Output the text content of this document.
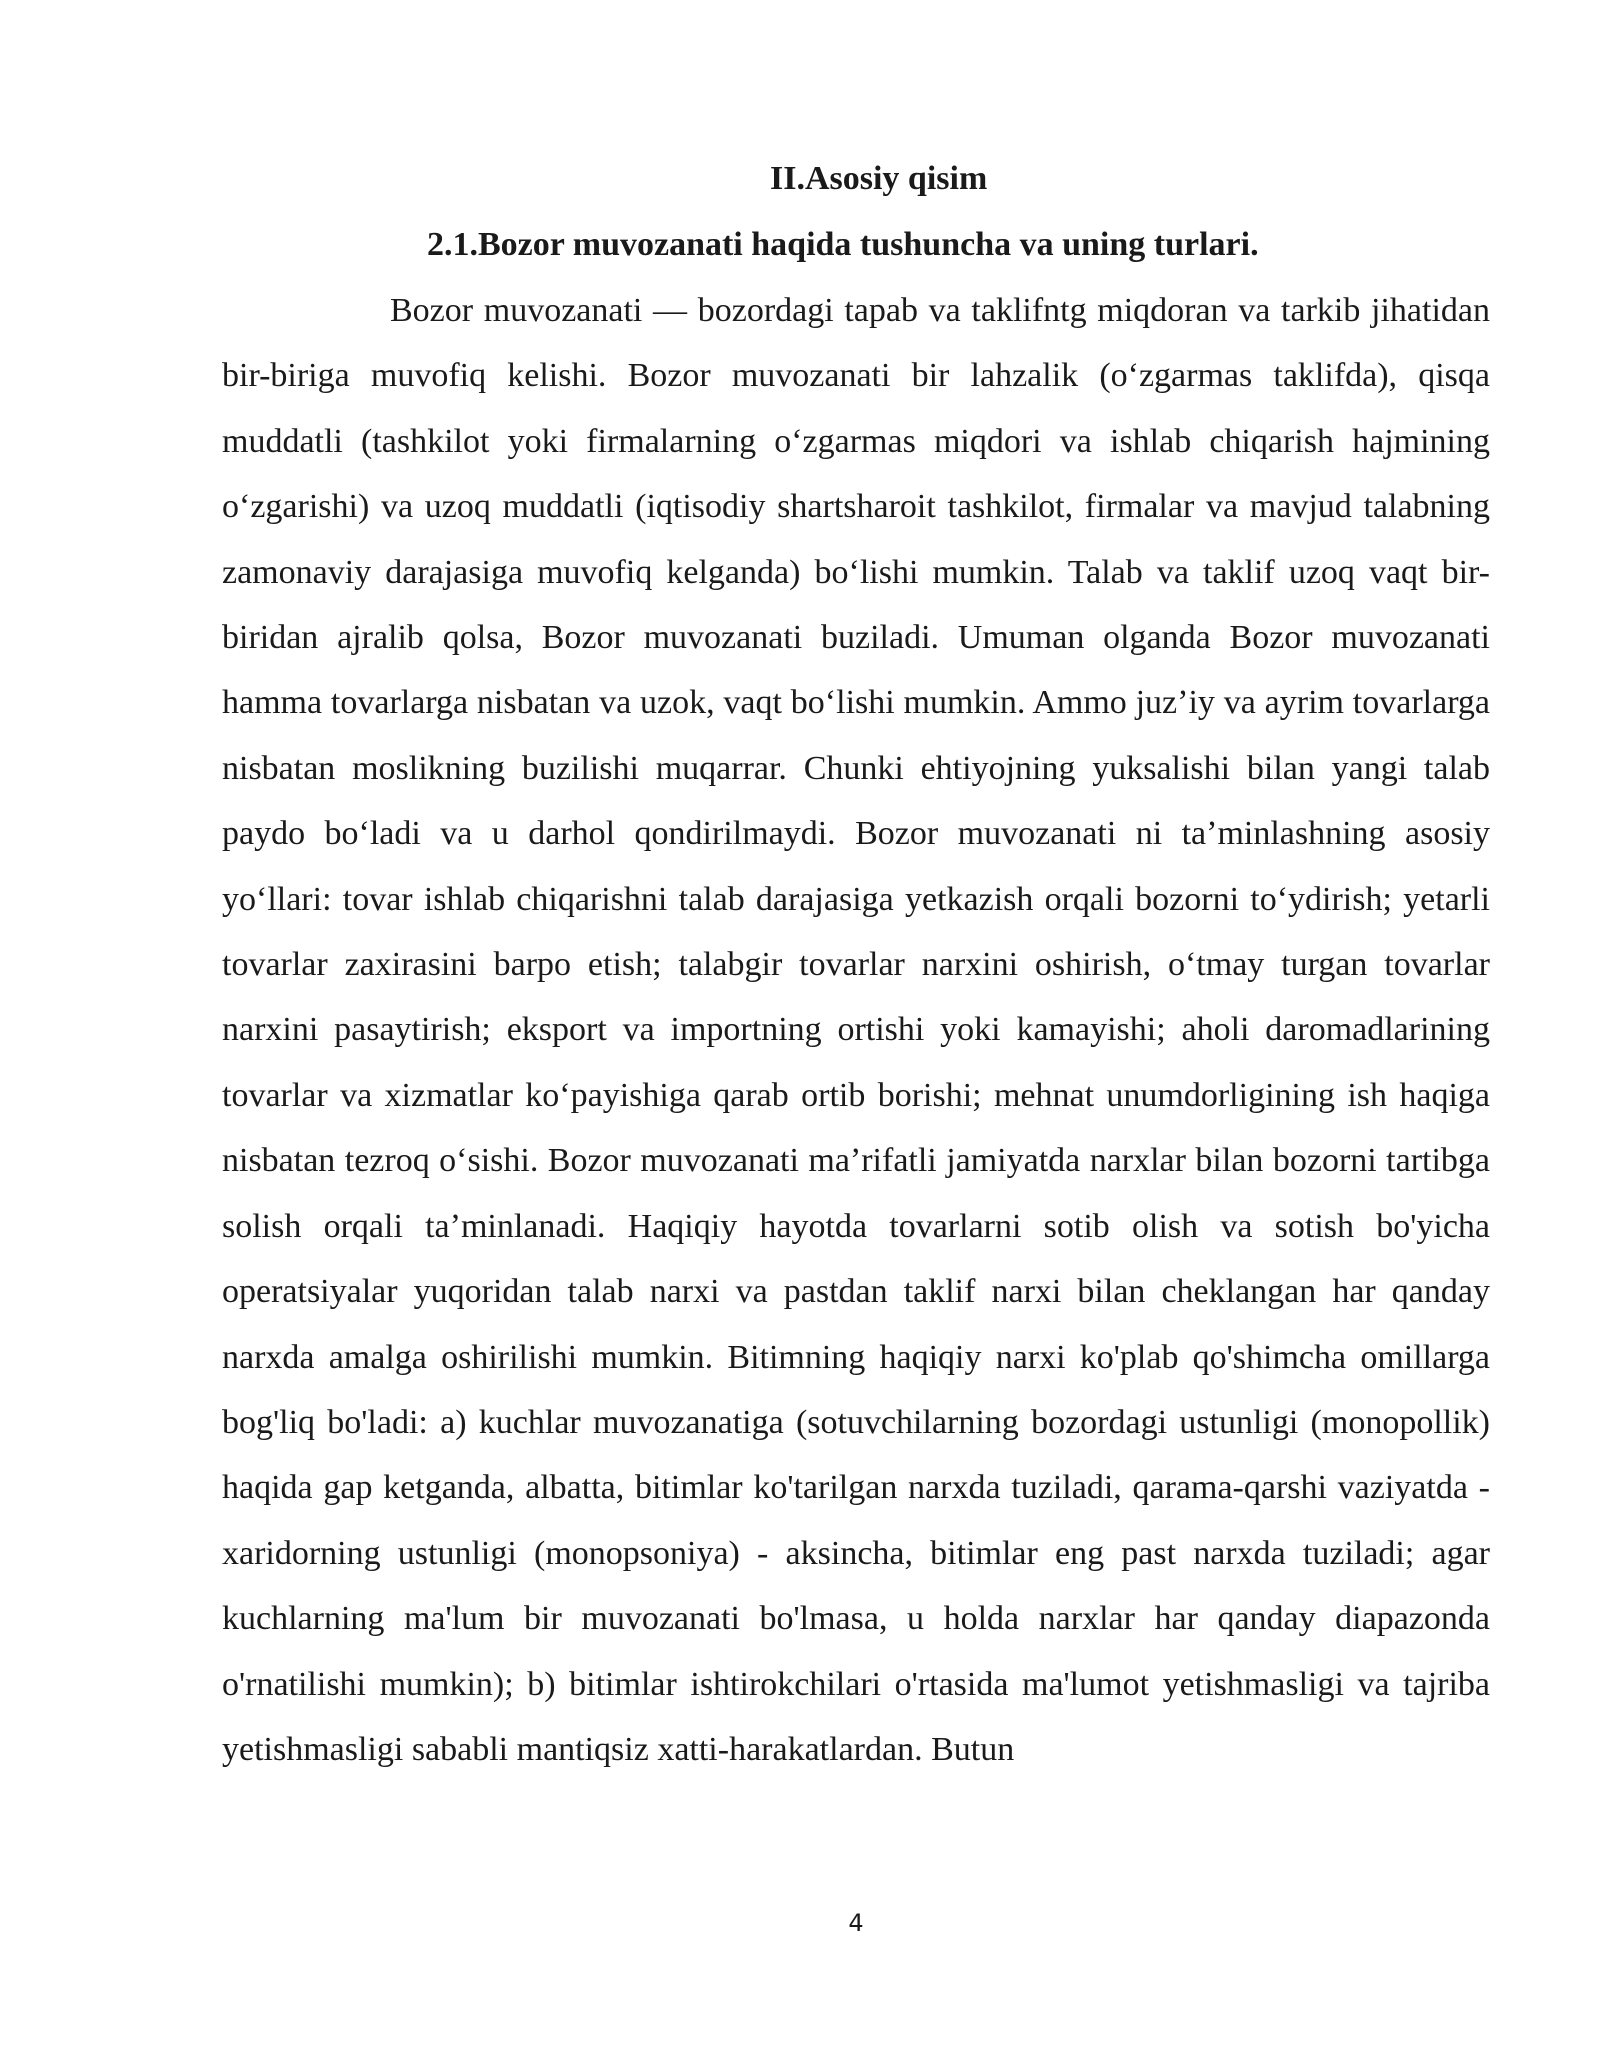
II.Asosiy qisim
2.1.Bozor muvozanati haqida tushuncha va uning turlari.

Bozor muvozanati — bozordagi tapab va taklifntg miqdoran va tarkib jihatidan bir-biriga muvofiq kelishi. Bozor muvozanati bir lahzalik (oʻzgarmas taklifda), qisqa muddatli (tashkilot yoki firmalarning oʻzgarmas miqdori va ishlab chiqarish hajmining oʻzgarishi) va uzoq muddatli (iqtisodiy shartsharoit tashkilot, firmalar va mavjud talabning zamonaviy darajasiga muvofiq kelganda) boʻlishi mumkin. Talab va taklif uzoq vaqt bir-biridan ajralib qolsa, Bozor muvozanati buziladi. Umuman olganda Bozor muvozanati hamma tovarlarga nisbatan va uzok, vaqt boʻlishi mumkin. Ammo juzʼiy va ayrim tovarlarga nisbatan moslikning buzilishi muqarrar. Chunki ehtiyojning yuksalishi bilan yangi talab paydo boʻladi va u darhol qondirilmaydi. Bozor muvozanati ni taʼminlashning asosiy yoʻllari: tovar ishlab chiqarishni talab darajasiga yetkazish orqali bozorni toʻydirish; yetarli tovarlar zaxirasini barpo etish; talabgir tovarlar narxini oshirish, oʻtmay turgan tovarlar narxini pasaytirish; eksport va importning ortishi yoki kamayishi; aholi daromadlarining tovarlar va xizmatlar koʻpayishiga qarab ortib borishi; mehnat unumdorligining ish haqiga nisbatan tezroq oʻsishi. Bozor muvozanati maʼrifatli jamiyatda narxlar bilan bozorni tartibga solish orqali taʼminlanadi. Haqiqiy hayotda tovarlarni sotib olish va sotish bo'yicha operatsiyalar yuqoridan talab narxi va pastdan taklif narxi bilan cheklangan har qanday narxda amalga oshirilishi mumkin. Bitimning haqiqiy narxi ko'plab qo'shimcha omillarga bog'liq bo'ladi: a) kuchlar muvozanatiga (sotuvchilarning bozordagi ustunligi (monopollik) haqida gap ketganda, albatta, bitimlar ko'tarilgan narxda tuziladi, qarama-qarshi vaziyatda - xaridorning ustunligi (monopsoniya) - aksincha, bitimlar eng past narxda tuziladi; agar kuchlarning ma'lum bir muvozanati bo'lmasa, u holda narxlar har qanday diapazonda o'rnatilishi mumkin); b) bitimlar ishtirokchilari o'rtasida ma'lumot yetishmasligi va tajriba yetishmasligi sababli mantiqsiz xatti-harakatlardan. Butun

4
